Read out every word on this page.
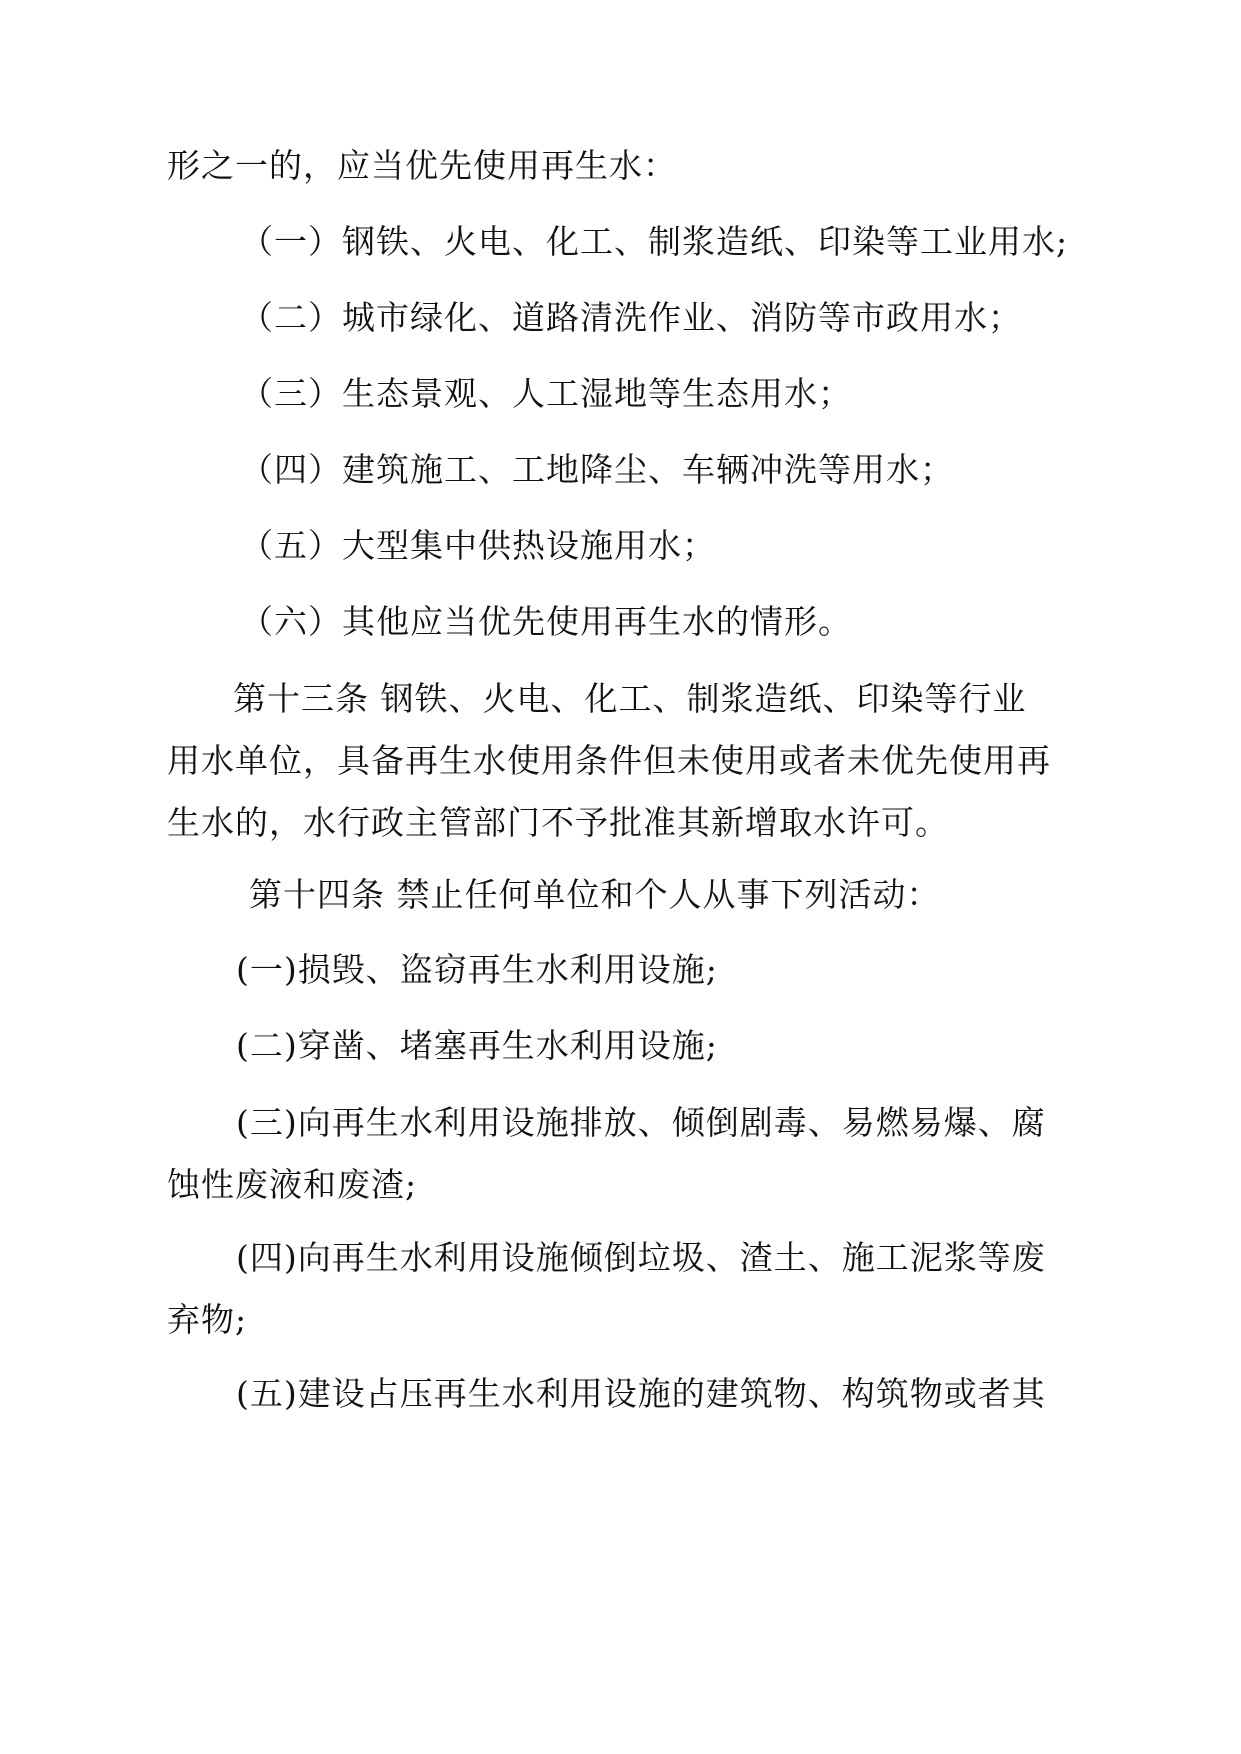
形之一的，应当优先使用再生水：
（一）钢铁、火电、化工、制浆造纸、印染等工业用水;
（二）城市绿化、道路清洗作业、消防等市政用水；
（三）生态景观、人工湿地等生态用水；
（四）建筑施工、工地降尘、车辆冲洗等用水；
（五）大型集中供热设施用水；
（六）其他应当优先使用再生水的情形。
第十三条 钢铁、火电、化工、制浆造纸、印染等行业
用水单位，具备再生水使用条件但未使用或者未优先使用再
生水的，水行政主管部门不予批准其新增取水许可。
第十四条 禁止任何单位和个人从事下列活动：
(一)损毁、盗窃再生水利用设施;
(二)穿凿、堵塞再生水利用设施;
(三)向再生水利用设施排放、倾倒剧毒、易燃易爆、腐
蚀性废液和废渣;
(四)向再生水利用设施倾倒垃圾、渣土、施工泥浆等废
弃物;
(五)建设占压再生水利用设施的建筑物、构筑物或者其
